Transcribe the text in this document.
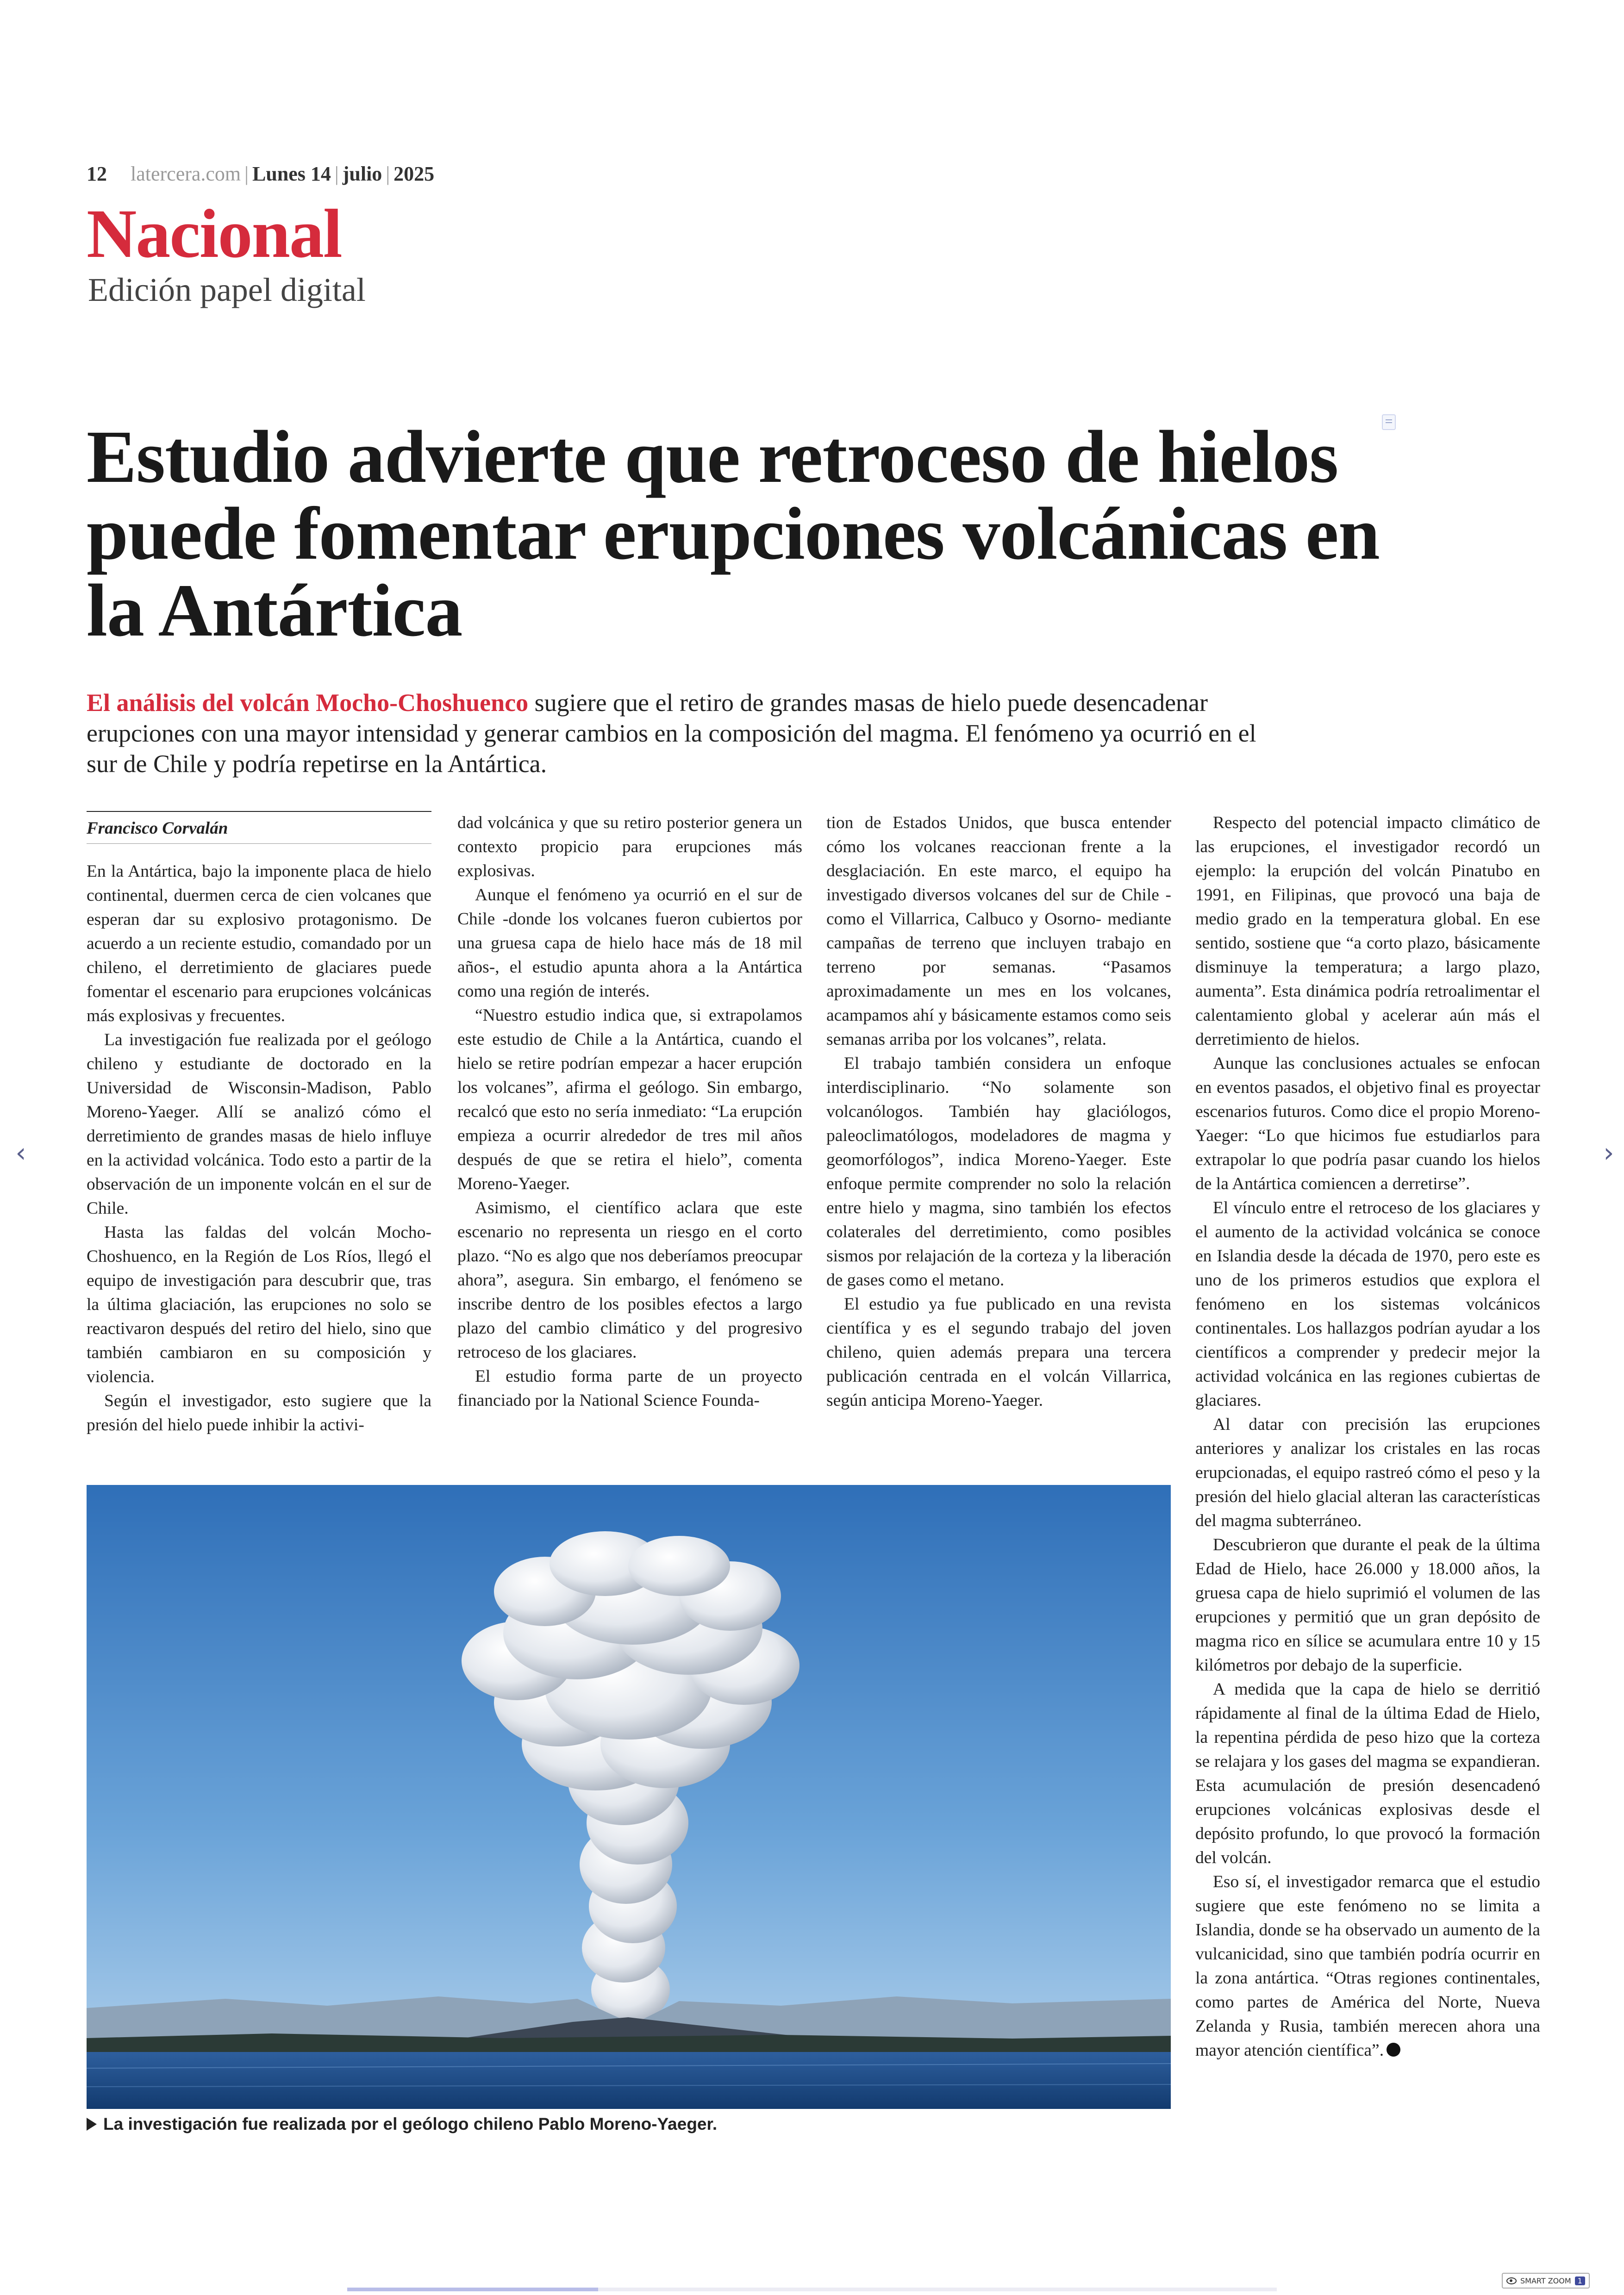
12 latercera.com | Lunes 14 | julio | 2025
Nacional
Edición papel digital
Estudio advierte que retroceso de hielos puede fomentar erupciones volcánicas en la Antártica

El análisis del volcán Mocho-Choshuenco sugiere que el retiro de grandes masas de hielo puede desencadenar erupciones con una mayor intensidad y generar cambios en la composición del magma. El fenómeno ya ocurrió en el sur de Chile y podría repetirse en la Antártica.

Francisco Corvalán

En la Antártica, bajo la imponente placa de hielo continental, duermen cerca de cien volcanes que esperan dar su explosivo protagonismo. De acuerdo a un reciente estudio, comandado por un chileno, el derretimiento de glaciares puede fomentar el escenario para erupciones volcánicas más explosivas y frecuentes.

La investigación fue realizada por el geólogo chileno y estudiante de doctorado en la Universidad de Wisconsin-Madison, Pablo Moreno-Yaeger. Allí se analizó cómo el derretimiento de grandes masas de hielo influye en la actividad volcánica. Todo esto a partir de la observación de un imponente volcán en el sur de Chile.

Hasta las faldas del volcán Mocho-Choshuenco, en la Región de Los Ríos, llegó el equipo de investigación para descubrir que, tras la última glaciación, las erupciones no solo se reactivaron después del retiro del hielo, sino que también cambiaron en su composición y violencia.

Según el investigador, esto sugiere que la presión del hielo puede inhibir la activi-

dad volcánica y que su retiro posterior genera un contexto propicio para erupciones más explosivas.

Aunque el fenómeno ya ocurrió en el sur de Chile -donde los volcanes fueron cubiertos por una gruesa capa de hielo hace más de 18 mil años-, el estudio apunta ahora a la Antártica como una región de interés.

“Nuestro estudio indica que, si extrapolamos este estudio de Chile a la Antártica, cuando el hielo se retire podrían empezar a hacer erupción los volcanes”, afirma el geólogo. Sin embargo, recalcó que esto no sería inmediato: “La erupción empieza a ocurrir alrededor de tres mil años después de que se retira el hielo”, comenta Moreno-Yaeger.

Asimismo, el científico aclara que este escenario no representa un riesgo en el corto plazo. “No es algo que nos deberíamos preocupar ahora”, asegura. Sin embargo, el fenómeno se inscribe dentro de los posibles efectos a largo plazo del cambio climático y del progresivo retroceso de los glaciares.

El estudio forma parte de un proyecto financiado por la National Science Founda-

tion de Estados Unidos, que busca entender cómo los volcanes reaccionan frente a la desglaciación. En este marco, el equipo ha investigado diversos volcanes del sur de Chile -como el Villarrica, Calbuco y Osorno- mediante campañas de terreno que incluyen trabajo en terreno por semanas. “Pasamos aproximadamente un mes en los volcanes, acampamos ahí y básicamente estamos como seis semanas arriba por los volcanes”, relata.

El trabajo también considera un enfoque interdisciplinario. “No solamente son volcanólogos. También hay glaciólogos, paleoclimatólogos, modeladores de magma y geomorfólogos”, indica Moreno-Yaeger. Este enfoque permite comprender no solo la relación entre hielo y magma, sino también los efectos colaterales del derretimiento, como posibles sismos por relajación de la corteza y la liberación de gases como el metano.

El estudio ya fue publicado en una revista científica y es el segundo trabajo del joven chileno, quien además prepara una tercera publicación centrada en el volcán Villarrica, según anticipa Moreno-Yaeger.

Respecto del potencial impacto climático de las erupciones, el investigador recordó un ejemplo: la erupción del volcán Pinatubo en 1991, en Filipinas, que provocó una baja de medio grado en la temperatura global. En ese sentido, sostiene que “a corto plazo, básicamente disminuye la temperatura; a largo plazo, aumenta”. Esta dinámica podría retroalimentar el calentamiento global y acelerar aún más el derretimiento de hielos.

Aunque las conclusiones actuales se enfocan en eventos pasados, el objetivo final es proyectar escenarios futuros. Como dice el propio Moreno-Yaeger: “Lo que hicimos fue estudiarlos para extrapolar lo que podría pasar cuando los hielos de la Antártica comiencen a derretirse”.

El vínculo entre el retroceso de los glaciares y el aumento de la actividad volcánica se conoce en Islandia desde la década de 1970, pero este es uno de los primeros estudios que explora el fenómeno en los sistemas volcánicos continentales. Los hallazgos podrían ayudar a los científicos a comprender y predecir mejor la actividad volcánica en las regiones cubiertas de glaciares.

Al datar con precisión las erupciones anteriores y analizar los cristales en las rocas erupcionadas, el equipo rastreó cómo el peso y la presión del hielo glacial alteran las características del magma subterráneo.

Descubrieron que durante el peak de la última Edad de Hielo, hace 26.000 y 18.000 años, la gruesa capa de hielo suprimió el volumen de las erupciones y permitió que un gran depósito de magma rico en sílice se acumulara entre 10 y 15 kilómetros por debajo de la superficie.

A medida que la capa de hielo se derritió rápidamente al final de la última Edad de Hielo, la repentina pérdida de peso hizo que la corteza se relajara y los gases del magma se expandieran. Esta acumulación de presión desencadenó erupciones volcánicas explosivas desde el depósito profundo, lo que provocó la formación del volcán.

Eso sí, el investigador remarca que el estudio sugiere que este fenómeno no se limita a Islandia, donde se ha observado un aumento de la vulcanicidad, sino que también podría ocurrir en la zona antártica. “Otras regiones continentales, como partes de América del Norte, Nueva Zelanda y Rusia, también merecen ahora una mayor atención científica”.

La investigación fue realizada por el geólogo chileno Pablo Moreno-Yaeger.
‹	›
SMART ZOOM 1
